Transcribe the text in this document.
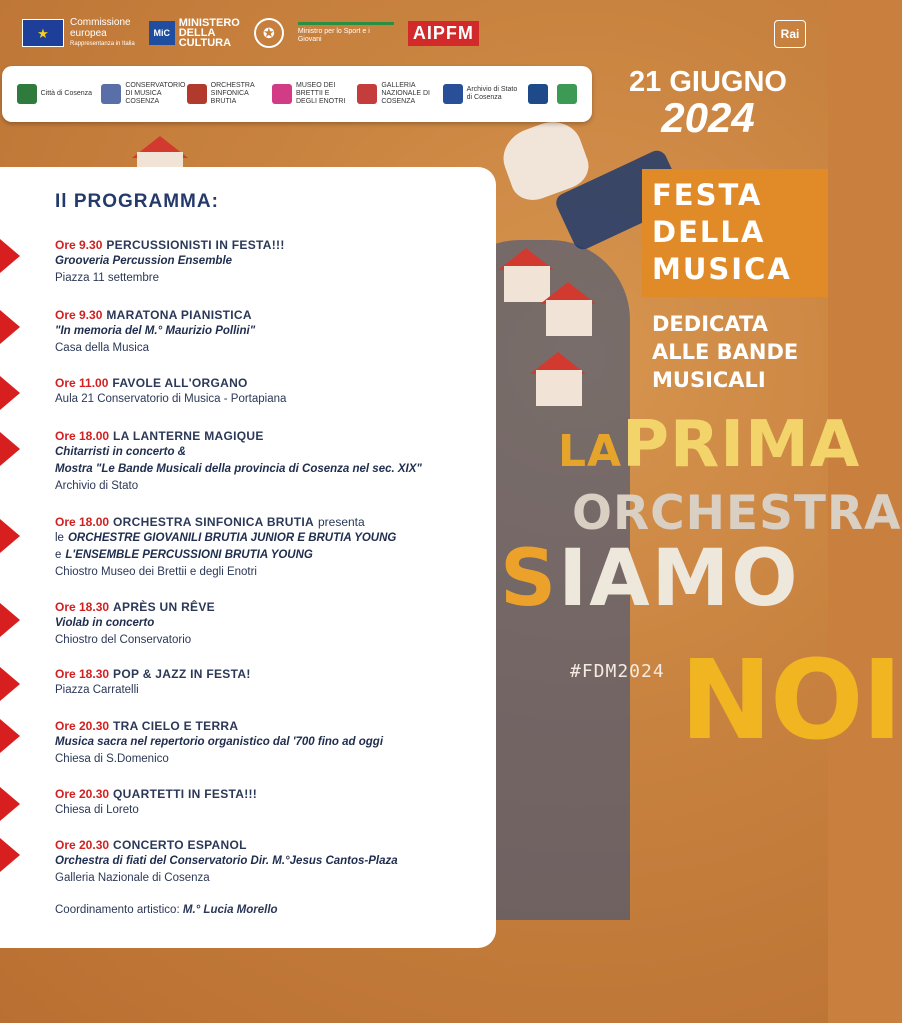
★
Commissione
europea
Rappresentanza in Italia
MiC
MINISTERO
DELLA
CULTURA
✪	Ministro per lo Sport e i Giovani	AIPFM	Rai
Città di Cosenza
CONSERVATORIO DI MUSICA COSENZA
ORCHESTRA SINFONICA BRUTIA
MUSEO DEI BRETTII E DEGLI ENOTRI
GALLERIA NAZIONALE DI COSENZA
Archivio di Stato di Cosenza	21 GIUGNO
2024
FESTA
DELLA
MUSICA
DEDICATA
ALLE BANDE
MUSICALI
LAPRIMA
ORCHESTRA
SIAMO
#FDM2024 NOI
Il PROGRAMMA:
Ore 9.30 PERCUSSIONISTI IN FESTA!!!
Grooveria Percussion Ensemble
Piazza 11 settembre
Ore 9.30 MARATONA PIANISTICA
"In memoria del M.° Maurizio Pollini"
Casa della Musica
Ore 11.00 FAVOLE ALL'ORGANO
Aula 21 Conservatorio di Musica - Portapiana
Ore 18.00 LA LANTERNE MAGIQUE
Chitarristi in concerto &
Mostra "Le Bande Musicali della provincia di Cosenza nel sec. XIX"
Archivio di Stato
Ore 18.00 ORCHESTRA SINFONICA BRUTIA presenta
le ORCHESTRE GIOVANILI BRUTIA JUNIOR E BRUTIA YOUNG
e L'ENSEMBLE PERCUSSIONI BRUTIA YOUNG
Chiostro Museo dei Brettii e degli Enotri
Ore 18.30 APRÈS UN RÊVE
Violab in concerto
Chiostro del Conservatorio
Ore 18.30 POP & JAZZ IN FESTA!
Piazza Carratelli
Ore 20.30 TRA CIELO E TERRA
Musica sacra nel repertorio organistico dal '700 fino ad oggi
Chiesa di S.Domenico
Ore 20.30 QUARTETTI IN FESTA!!!
Chiesa di Loreto
Ore 20.30 CONCERTO ESPANOL
Orchestra di fiati del Conservatorio Dir. M.°Jesus Cantos-Plaza
Galleria Nazionale di Cosenza
Coordinamento artistico: M.° Lucia Morello
